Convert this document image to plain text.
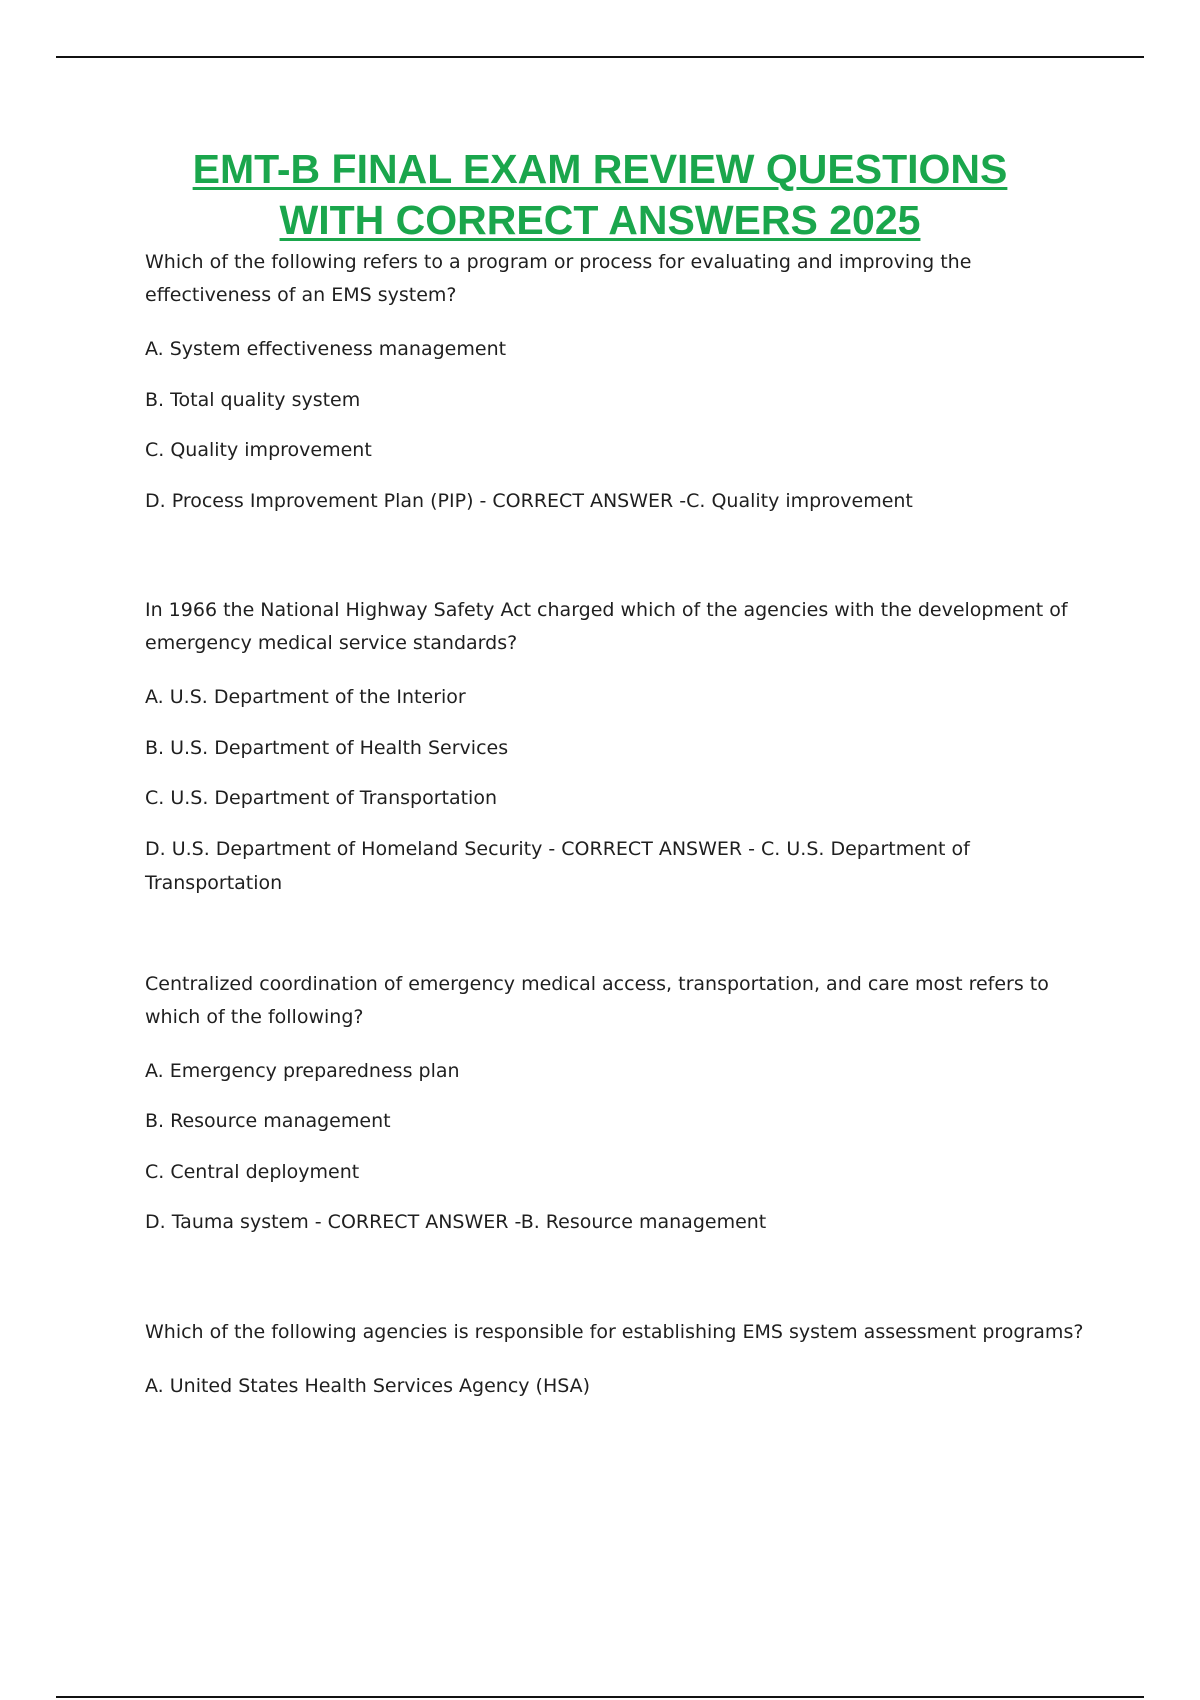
EMT-B FINAL EXAM REVIEW QUESTIONS
WITH CORRECT ANSWERS 2025

Which of the following refers to a program or process for evaluating and improving the effectiveness of an EMS system?

A. System effectiveness management

B. Total quality system

C. Quality improvement

D. Process Improvement Plan (PIP) - CORRECT ANSWER -C. Quality improvement

In 1966 the National Highway Safety Act charged which of the agencies with the development of emergency medical service standards?

A. U.S. Department of the Interior

B. U.S. Department of Health Services

C. U.S. Department of Transportation

D. U.S. Department of Homeland Security - CORRECT ANSWER - C. U.S. Department of Transportation

Centralized coordination of emergency medical access, transportation, and care most refers to which of the following?

A. Emergency preparedness plan

B. Resource management

C. Central deployment

D. Tauma system - CORRECT ANSWER -B. Resource management

Which of the following agencies is responsible for establishing EMS system assessment programs?

A. United States Health Services Agency (HSA)
